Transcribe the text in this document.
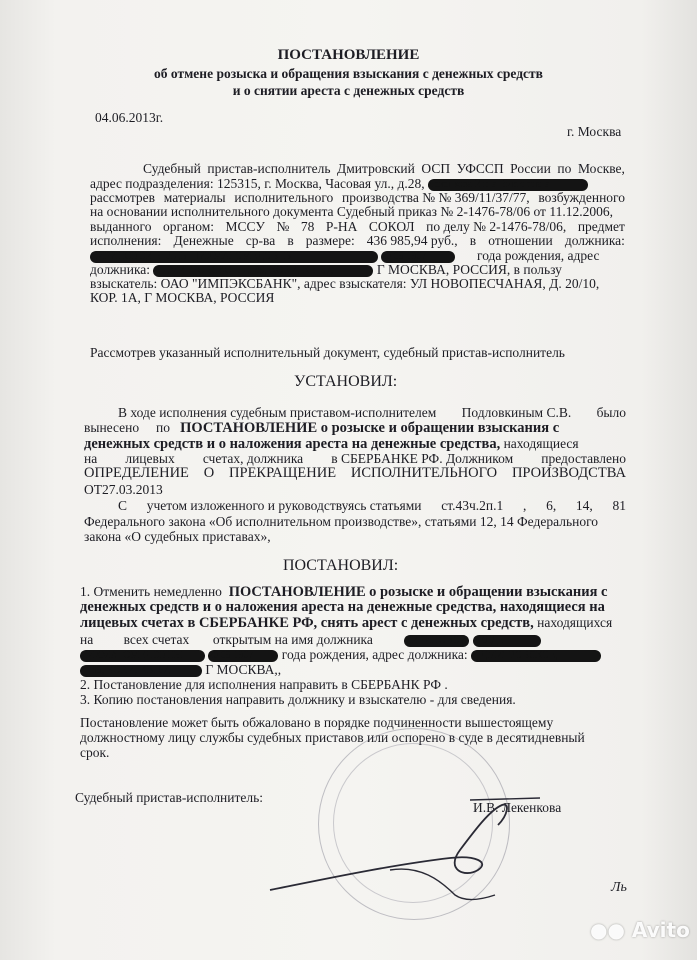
ПОСТАНОВЛЕНИЕ
об отмене розыска и обращения взыскания с денежных средств
и о снятии ареста с денежных средств
04.06.2013г.
г. Москва
Судебный пристав-исполнитель Дмитровский ОСП УФССП России по Москве,
адрес подразделения: 125315, г. Москва, Часовая ул., д.28, Лекенкова Инна Викторовна
рассмотрев материалы исполнительного производства № № 369/11/37/77, возбужденного
на основании исполнительного документа Судебный приказ № 2-1476-78/06 от 11.12.2006,
выданного органом: МССУ № 78 Р-НА СОКОЛ по делу № 2-1476-78/06, предмет
исполнения: Денежные ср-ва в размере: 436 985,94 руб., в отношении должника:
ПИРИНОВОЙ БЕЛДЫ НИХМАГОМЕДОВНЫ	20.09.1967	года рождения, адрес
должника: Д ДМИТРОВСКОЕ, Д. 89, КОР. 4, КВ. 67,	Г МОСКВА, РОССИЯ, в пользу
взыскатель: ОАО "ИМПЭКСБАНК", адрес взыскателя: УЛ НОВОПЕСЧАНАЯ, Д. 20/10,
КОР. 1А, Г МОСКВА, РОССИЯ
Рассмотрев указанный исполнительный документ, судебный пристав-исполнитель
УСТАНОВИЛ:
В ходе исполнения судебным приставом-исполнителем Подловкиным С.В. было
вынесено по ПОСТАНОВЛЕНИЕ о розыске и обращении взыскания с
денежных средств и о наложения ареста на денежные средства, находящиеся
на лицевых счетах, должника в СБЕРБАНКЕ РФ. Должником предоставлено
ОПРЕДЕЛЕНИЕ О ПРЕКРАЩЕНИЕ ИСПОЛНИТЕЛЬНОГО ПРОИЗВОДСТВА
ОТ27.03.2013
С учетом изложенного и руководствуясь статьями ст.43ч.2п.1 , 6, 14, 81
Федерального закона «Об исполнительном производстве», статьями 12, 14 Федерального
закона «О судебных приставах»,
ПОСТАНОВИЛ:
1. Отменить немедленно ПОСТАНОВЛЕНИЕ о розыске и обращении взыскания с
денежных средств и о наложения ареста на денежные средства, находящиеся на
лицевых счетах в СБЕРБАНКЕ РФ, снять арест с денежных средств, находящихся
на всех счетах открытым на имя должника	ПИРИНОВОЙ БЕЛДЫ
НИХМАГОМЕДОВНЫ	20.09.1967 года рождения, адрес должника: Д ДМИТРОВСКОЕ,
Д. 89, КОР. 4, КВ. 67,	Г МОСКВА,,
2. Постановление для исполнения направить в СБЕРБАНК РФ .
3. Копию постановления направить должнику и взыскателю - для сведения.
Постановление может быть обжаловано в порядке подчиненности вышестоящему
должностному лицу службы судебных приставов или оспорено в суде в десятидневный
срок.
Судебный пристав-исполнитель:
И.В. Лекенкова
Ль
●● Avito
